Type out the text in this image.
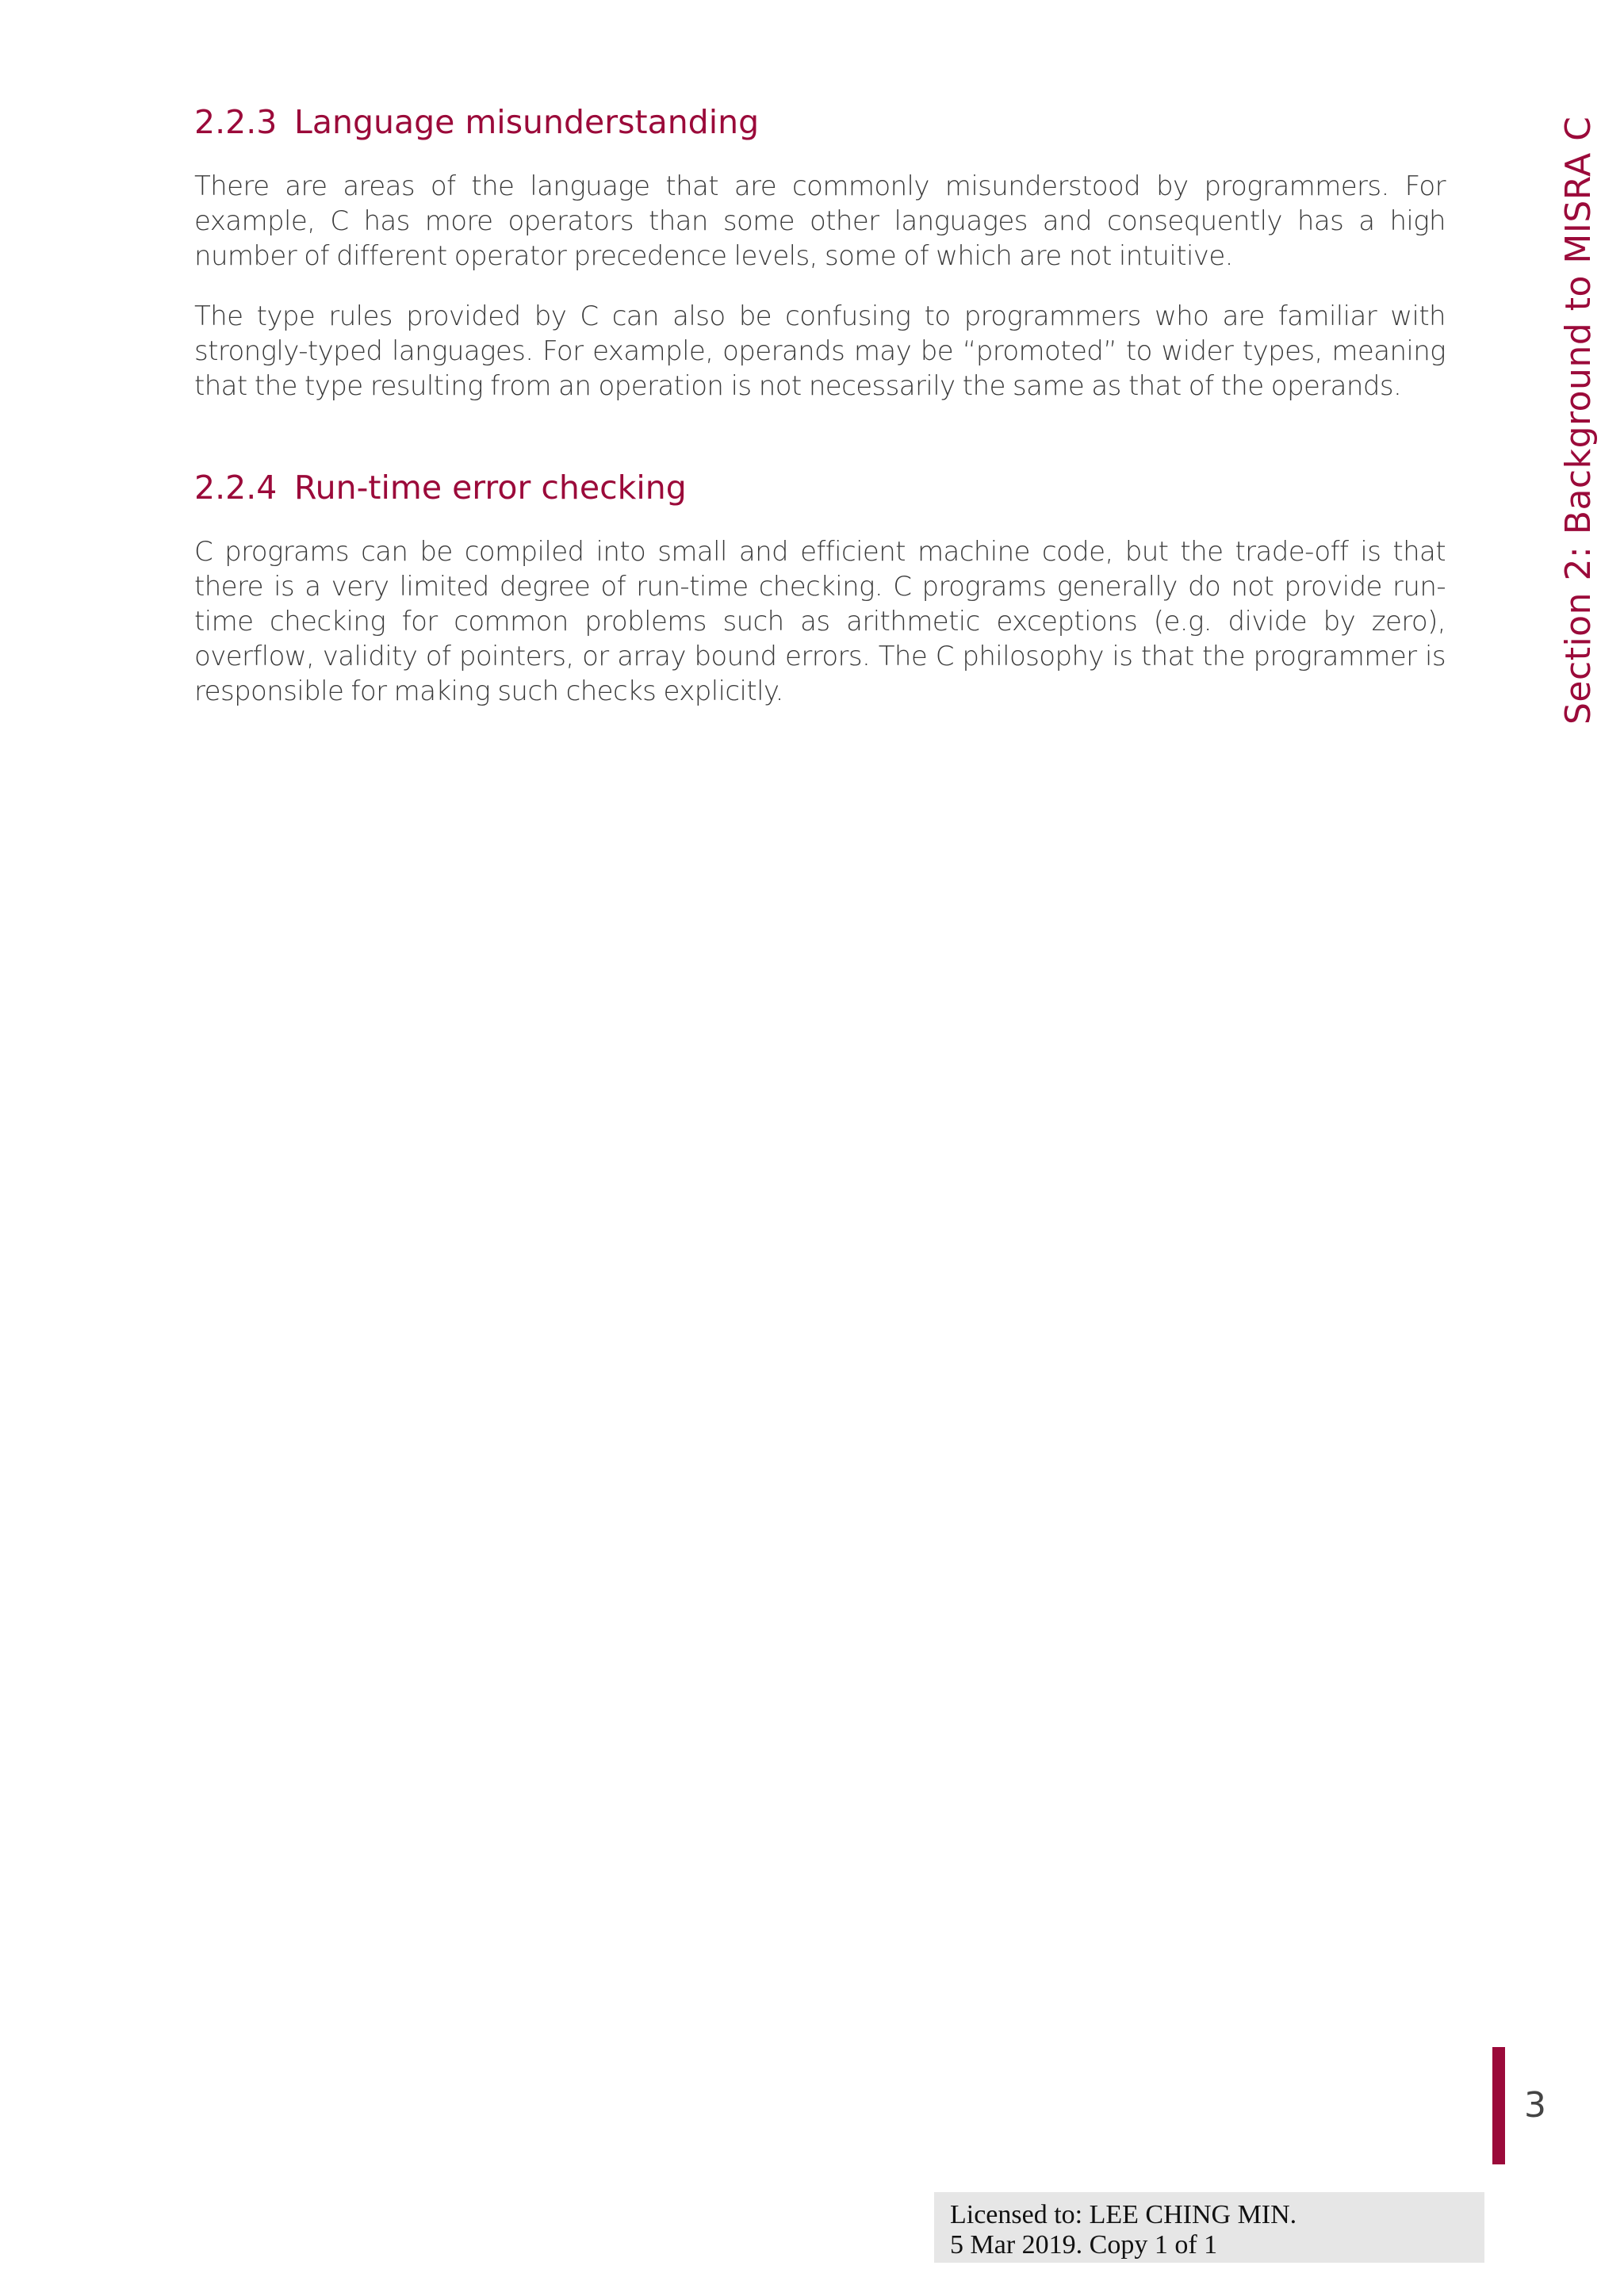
2.2.3 Language misunderstanding

There are areas of the language that are commonly misunderstood by programmers. For example, C has more operators than some other languages and consequently has a high number of different operator precedence levels, some of which are not intuitive.

The type rules provided by C can also be confusing to programmers who are familiar with strongly-typed languages. For example, operands may be “promoted” to wider types, meaning that the type resulting from an operation is not necessarily the same as that of the operands.

2.2.4 Run-time error checking

C programs can be compiled into small and efficient machine code, but the trade-off is that there is a very limited degree of run-time checking. C programs generally do not provide run-time checking for common problems such as arithmetic exceptions (e.g. divide by zero), overflow, validity of pointers, or array bound errors. The C philosophy is that the programmer is responsible for making such checks explicitly.	Section 2: Background to MISRA C
3
Licensed to: LEE CHING MIN.
5 Mar 2019. Copy 1 of 1
